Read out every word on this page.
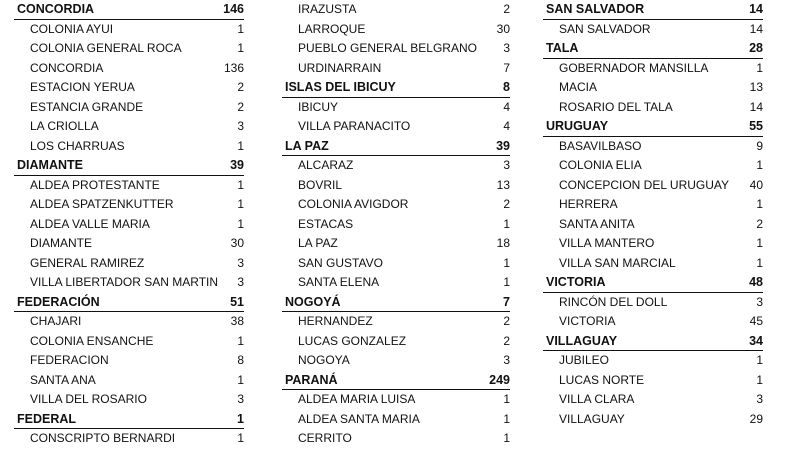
CONCORDIA	146
COLONIA AYUI	1
COLONIA GENERAL ROCA	1
CONCORDIA	136
ESTACION YERUA	2
ESTANCIA GRANDE	2
LA CRIOLLA	3
LOS CHARRUAS	1
DIAMANTE	39
ALDEA PROTESTANTE	1
ALDEA SPATZENKUTTER	1
ALDEA VALLE MARIA	1
DIAMANTE	30
GENERAL RAMIREZ	3
VILLA LIBERTADOR SAN MARTIN 3
FEDERACIÓN	51
CHAJARI	38
COLONIA ENSANCHE	1
FEDERACION	8
SANTA ANA	1
VILLA DEL ROSARIO	3
FEDERAL	1
CONSCRIPTO BERNARDI	1
IRAZUSTA	2
LARROQUE	30
PUEBLO GENERAL BELGRANO 3
URDINARRAIN	7
ISLAS DEL IBICUY	8
IBICUY	4
VILLA PARANACITO	4
LA PAZ	39
ALCARAZ	3
BOVRIL	13
COLONIA AVIGDOR	2
ESTACAS	1
LA PAZ	18
SAN GUSTAVO	1
SANTA ELENA	1
NOGOYÁ	7
HERNANDEZ	2
LUCAS GONZALEZ	2
NOGOYA	3
PARANÁ	249
ALDEA MARIA LUISA	1
ALDEA SANTA MARIA	1
CERRITO	1
SAN SALVADOR	14
SAN SALVADOR	14
TALA	28
GOBERNADOR MANSILLA	1
MACIA	13
ROSARIO DEL TALA	14
URUGUAY	55
BASAVILBASO	9
COLONIA ELIA	1
CONCEPCION DEL URUGUAY 40
HERRERA	1
SANTA ANITA	2
VILLA MANTERO	1
VILLA SAN MARCIAL	1
VICTORIA	48
RINCÓN DEL DOLL	3
VICTORIA	45
VILLAGUAY	34
JUBILEO	1
LUCAS NORTE	1
VILLA CLARA	3
VILLAGUAY	29
